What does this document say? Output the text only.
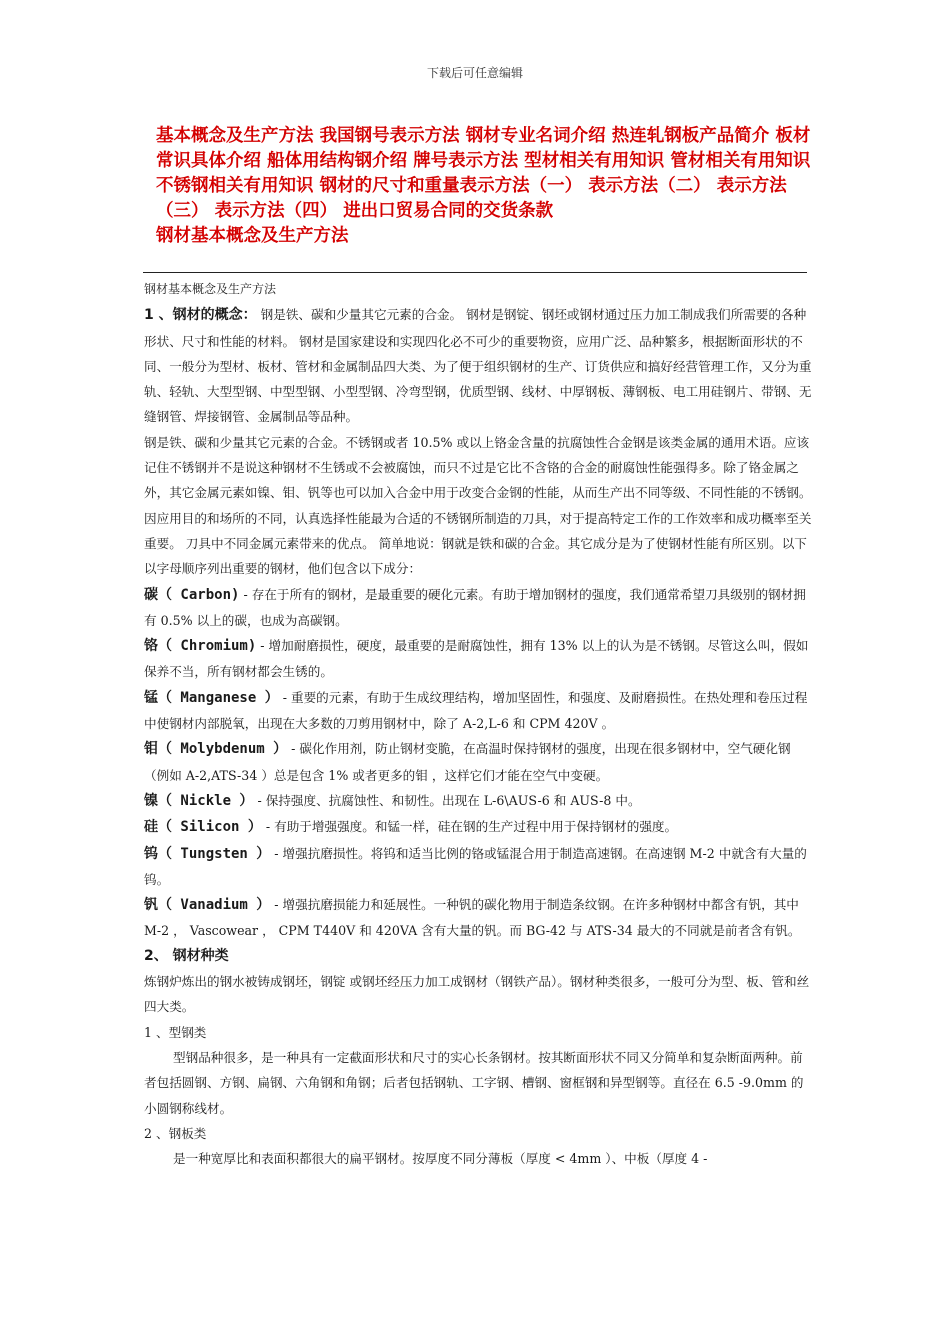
下载后可任意编辑
基本概念及生产方法 我国钢号表示方法 钢材专业名词介绍 热连轧钢板产品简介 板材常识具体介绍 船体用结构钢介绍 牌号表示方法 型材相关有用知识 管材相关有用知识 不锈钢相关有用知识 钢材的尺寸和重量表示方法（一） 表示方法（二） 表示方法（三） 表示方法（四） 进出口贸易合同的交货条款
钢材基本概念及生产方法

钢材基本概念及生产方法

1 、钢材的概念： 钢是铁、碳和少量其它元素的合金。 钢材是钢锭、钢坯或钢材通过压力加工制成我们所需要的各种形状、尺寸和性能的材料。 钢材是国家建设和实现四化必不可少的重要物资，应用广泛、品种繁多，根据断面形状的不同、一般分为型材、板材、管材和金属制品四大类、为了便于组织钢材的生产、订货供应和搞好经营管理工作，又分为重轨、轻轨、大型型钢、中型型钢、小型型钢、冷弯型钢，优质型钢、线材、中厚钢板、薄钢板、电工用硅钢片、带钢、无缝钢管、焊接钢管、金属制品等品种。

钢是铁、碳和少量其它元素的合金。不锈钢或者 10.5% 或以上铬金含量的抗腐蚀性合金钢是该类金属的通用术语。应该记住不锈钢并不是说这种钢材不生锈或不会被腐蚀，而只不过是它比不含铬的合金的耐腐蚀性能强得多。除了铬金属之外，其它金属元素如镍、钼、钒等也可以加入合金中用于改变合金钢的性能，从而生产出不同等级、不同性能的不锈钢。因应用目的和场所的不同，认真选择性能最为合适的不锈钢所制造的刀具，对于提高特定工作的工作效率和成功概率至关重要。 刀具中不同金属元素带来的优点。 简单地说：钢就是铁和碳的合金。其它成分是为了使钢材性能有所区别。以下以字母顺序列出重要的钢材，他们包含以下成分：

碳（ Carbon) - 存在于所有的钢材，是最重要的硬化元素。有助于增加钢材的强度，我们通常希望刀具级别的钢材拥有 0.5% 以上的碳，也成为高碳钢。

铬（ Chromium) - 增加耐磨损性，硬度，最重要的是耐腐蚀性，拥有 13% 以上的认为是不锈钢。尽管这么叫，假如保养不当，所有钢材都会生锈的。

锰（ Manganese ） - 重要的元素，有助于生成纹理结构，增加坚固性，和强度、及耐磨损性。在热处理和卷压过程中使钢材内部脱氧，出现在大多数的刀剪用钢材中，除了 A-2,L-6 和 CPM 420V 。

钼（ Molybdenum ） - 碳化作用剂，防止钢材变脆，在高温时保持钢材的强度，出现在很多钢材中，空气硬化钢（例如 A-2,ATS-34 ）总是包含 1% 或者更多的钼 ，这样它们才能在空气中变硬。

镍（ Nickle ） - 保持强度、抗腐蚀性、和韧性。出现在 L-6\AUS-6 和 AUS-8 中。

硅（ Silicon ） - 有助于增强强度。和锰一样，硅在钢的生产过程中用于保持钢材的强度。

钨（ Tungsten ） - 增强抗磨损性。将钨和适当比例的铬或锰混合用于制造高速钢。在高速钢 M-2 中就含有大量的钨。

钒（ Vanadium ） - 增强抗磨损能力和延展性。一种钒的碳化物用于制造条纹钢。在许多种钢材中都含有钒，其中 M-2 ， Vascowear ， CPM T440V 和 420VA 含有大量的钒。而 BG-42 与 ATS-34 最大的不同就是前者含有钒。

2、 钢材种类

炼钢炉炼出的钢水被铸成钢坯，钢锭 或钢坯经压力加工成钢材（钢铁产品）。钢材种类很多，一般可分为型、板、管和丝四大类。

1 、型钢类

型钢品种很多，是一种具有一定截面形状和尺寸的实心长条钢材。按其断面形状不同又分简单和复杂断面两种。前者包括圆钢、方钢、扁钢、六角钢和角钢；后者包括钢轨、工字钢、槽钢、窗框钢和异型钢等。直径在 6.5 -9.0mm 的小圆钢称线材。

2 、钢板类

是一种宽厚比和表面积都很大的扁平钢材。按厚度不同分薄板（厚度 < 4mm ）、中板（厚度 4 -
